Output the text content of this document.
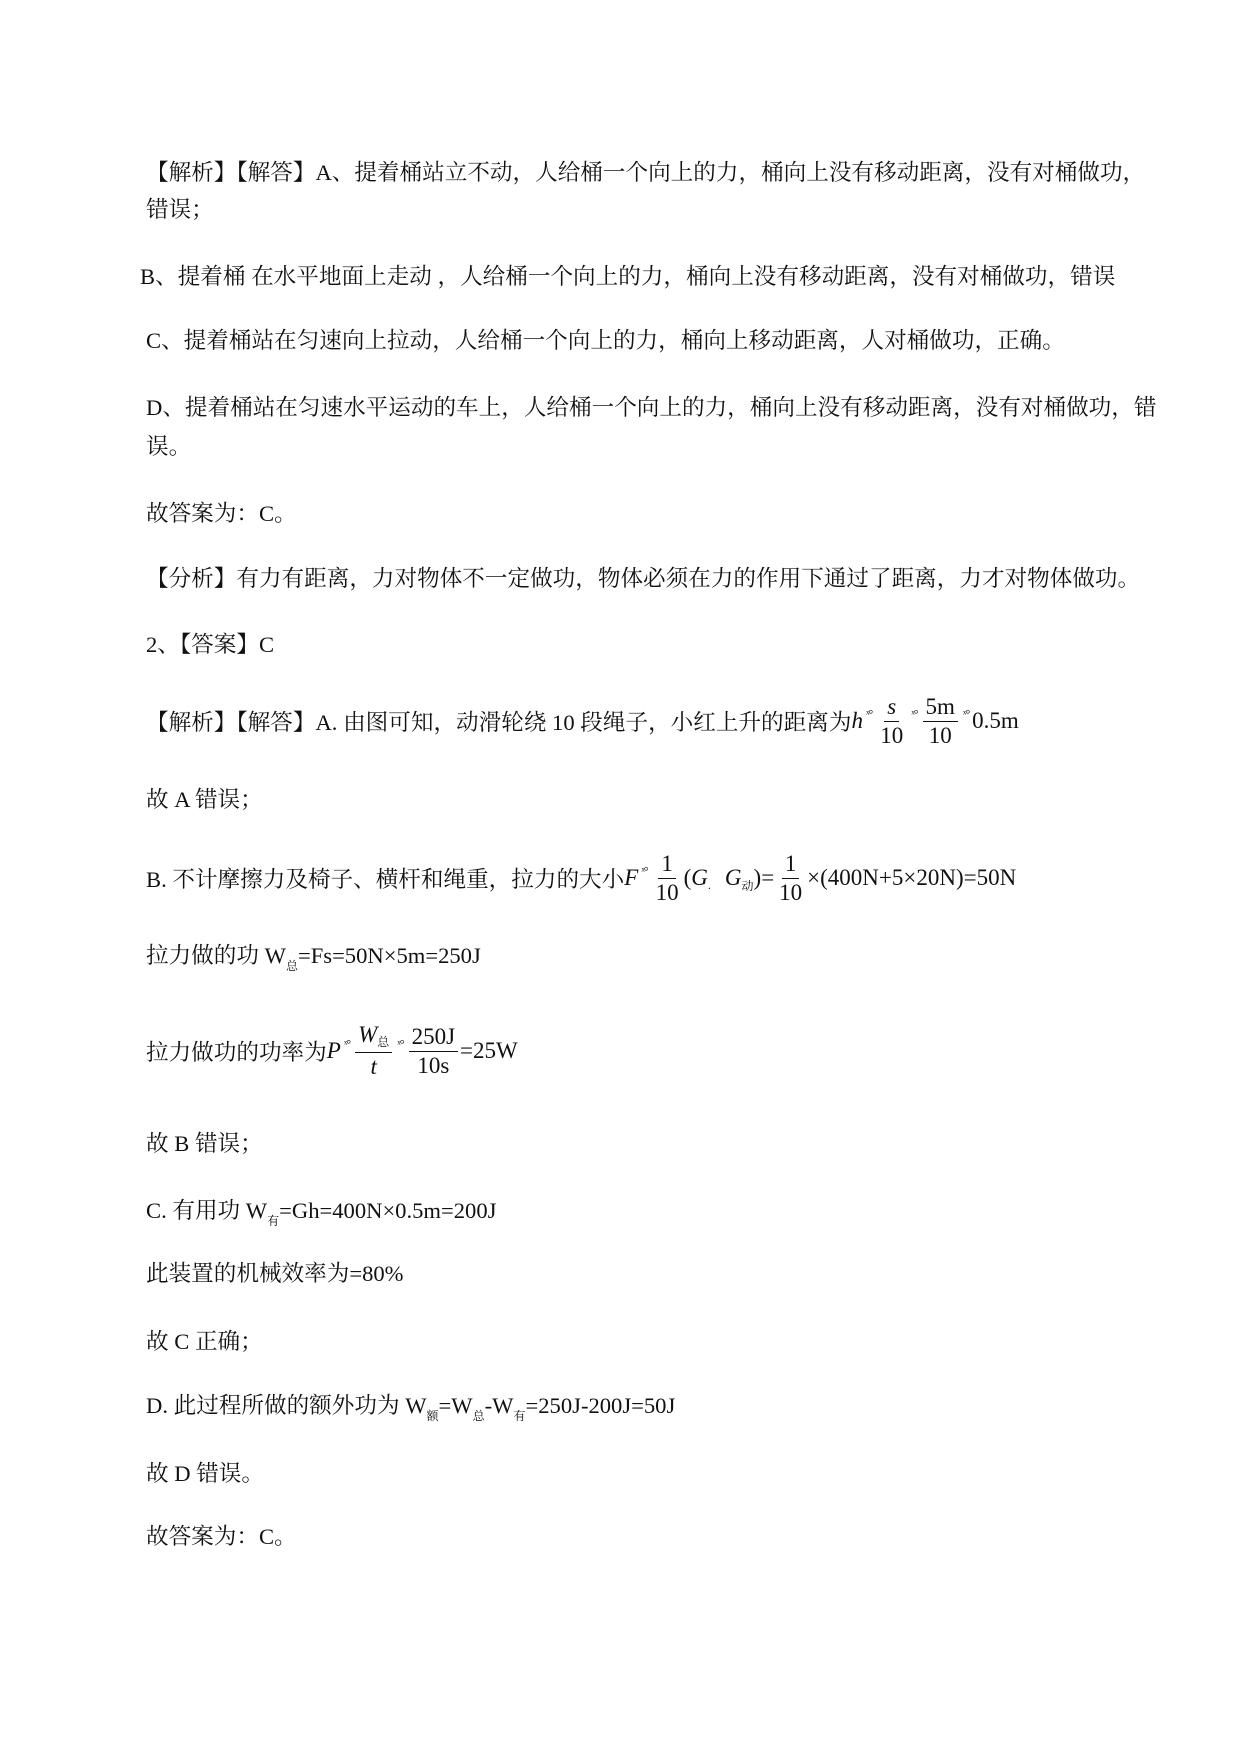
【解析】【解答】A、提着桶站立不动，人给桶一个向上的力，桶向上没有移动距离，没有对桶做功，
错误；
B、提着桶 在水平地面上走动 ，人给桶一个向上的力，桶向上没有移动距离，没有对桶做功，错误
C、提着桶站在匀速向上拉动，人给桶一个向上的力，桶向上移动距离，人对桶做功，正确。
D、提着桶站在匀速水平运动的车上，人给桶一个向上的力，桶向上没有移动距离，没有对桶做功，错
误。
故答案为：C。
【分析】有力有距离，力对物体不一定做功，物体必须在力的作用下通过了距离，力才对物体做功。
2、【答案】C
【解析】【解答】A. 由图可知，动滑轮绕 10 段绳子，小红上升的距离为 h ˣ° $\frac{s}{10}$ ˣ° $\frac{5m}{10}$ ˣ° 0.5m
故 A 错误；
B. 不计摩擦力及椅子、横杆和绳重，拉力的大小 F ˣ° $\frac{1}{10}$ ( G . G 动 )= $\frac{1}{10} \times(400N+5\times 20N)=50N$
拉力做的功 $W_总=Fs=50N\times 5m=250J$
拉力做功的功率为 P ˣ° $\frac{\text{W总}}{t}$ ˣ° $\frac{250J}{10s} =25W$
故 B 错误；
C. 有用功 $W_有=Gh=400N\times 0.5m=200J$
此装置的机械效率为=80%
故 C 正确；
D. 此过程所做的额外功为 $W_额=W_总-W_有=250J-200J=50J$
故 D 错误。
故答案为：C。
